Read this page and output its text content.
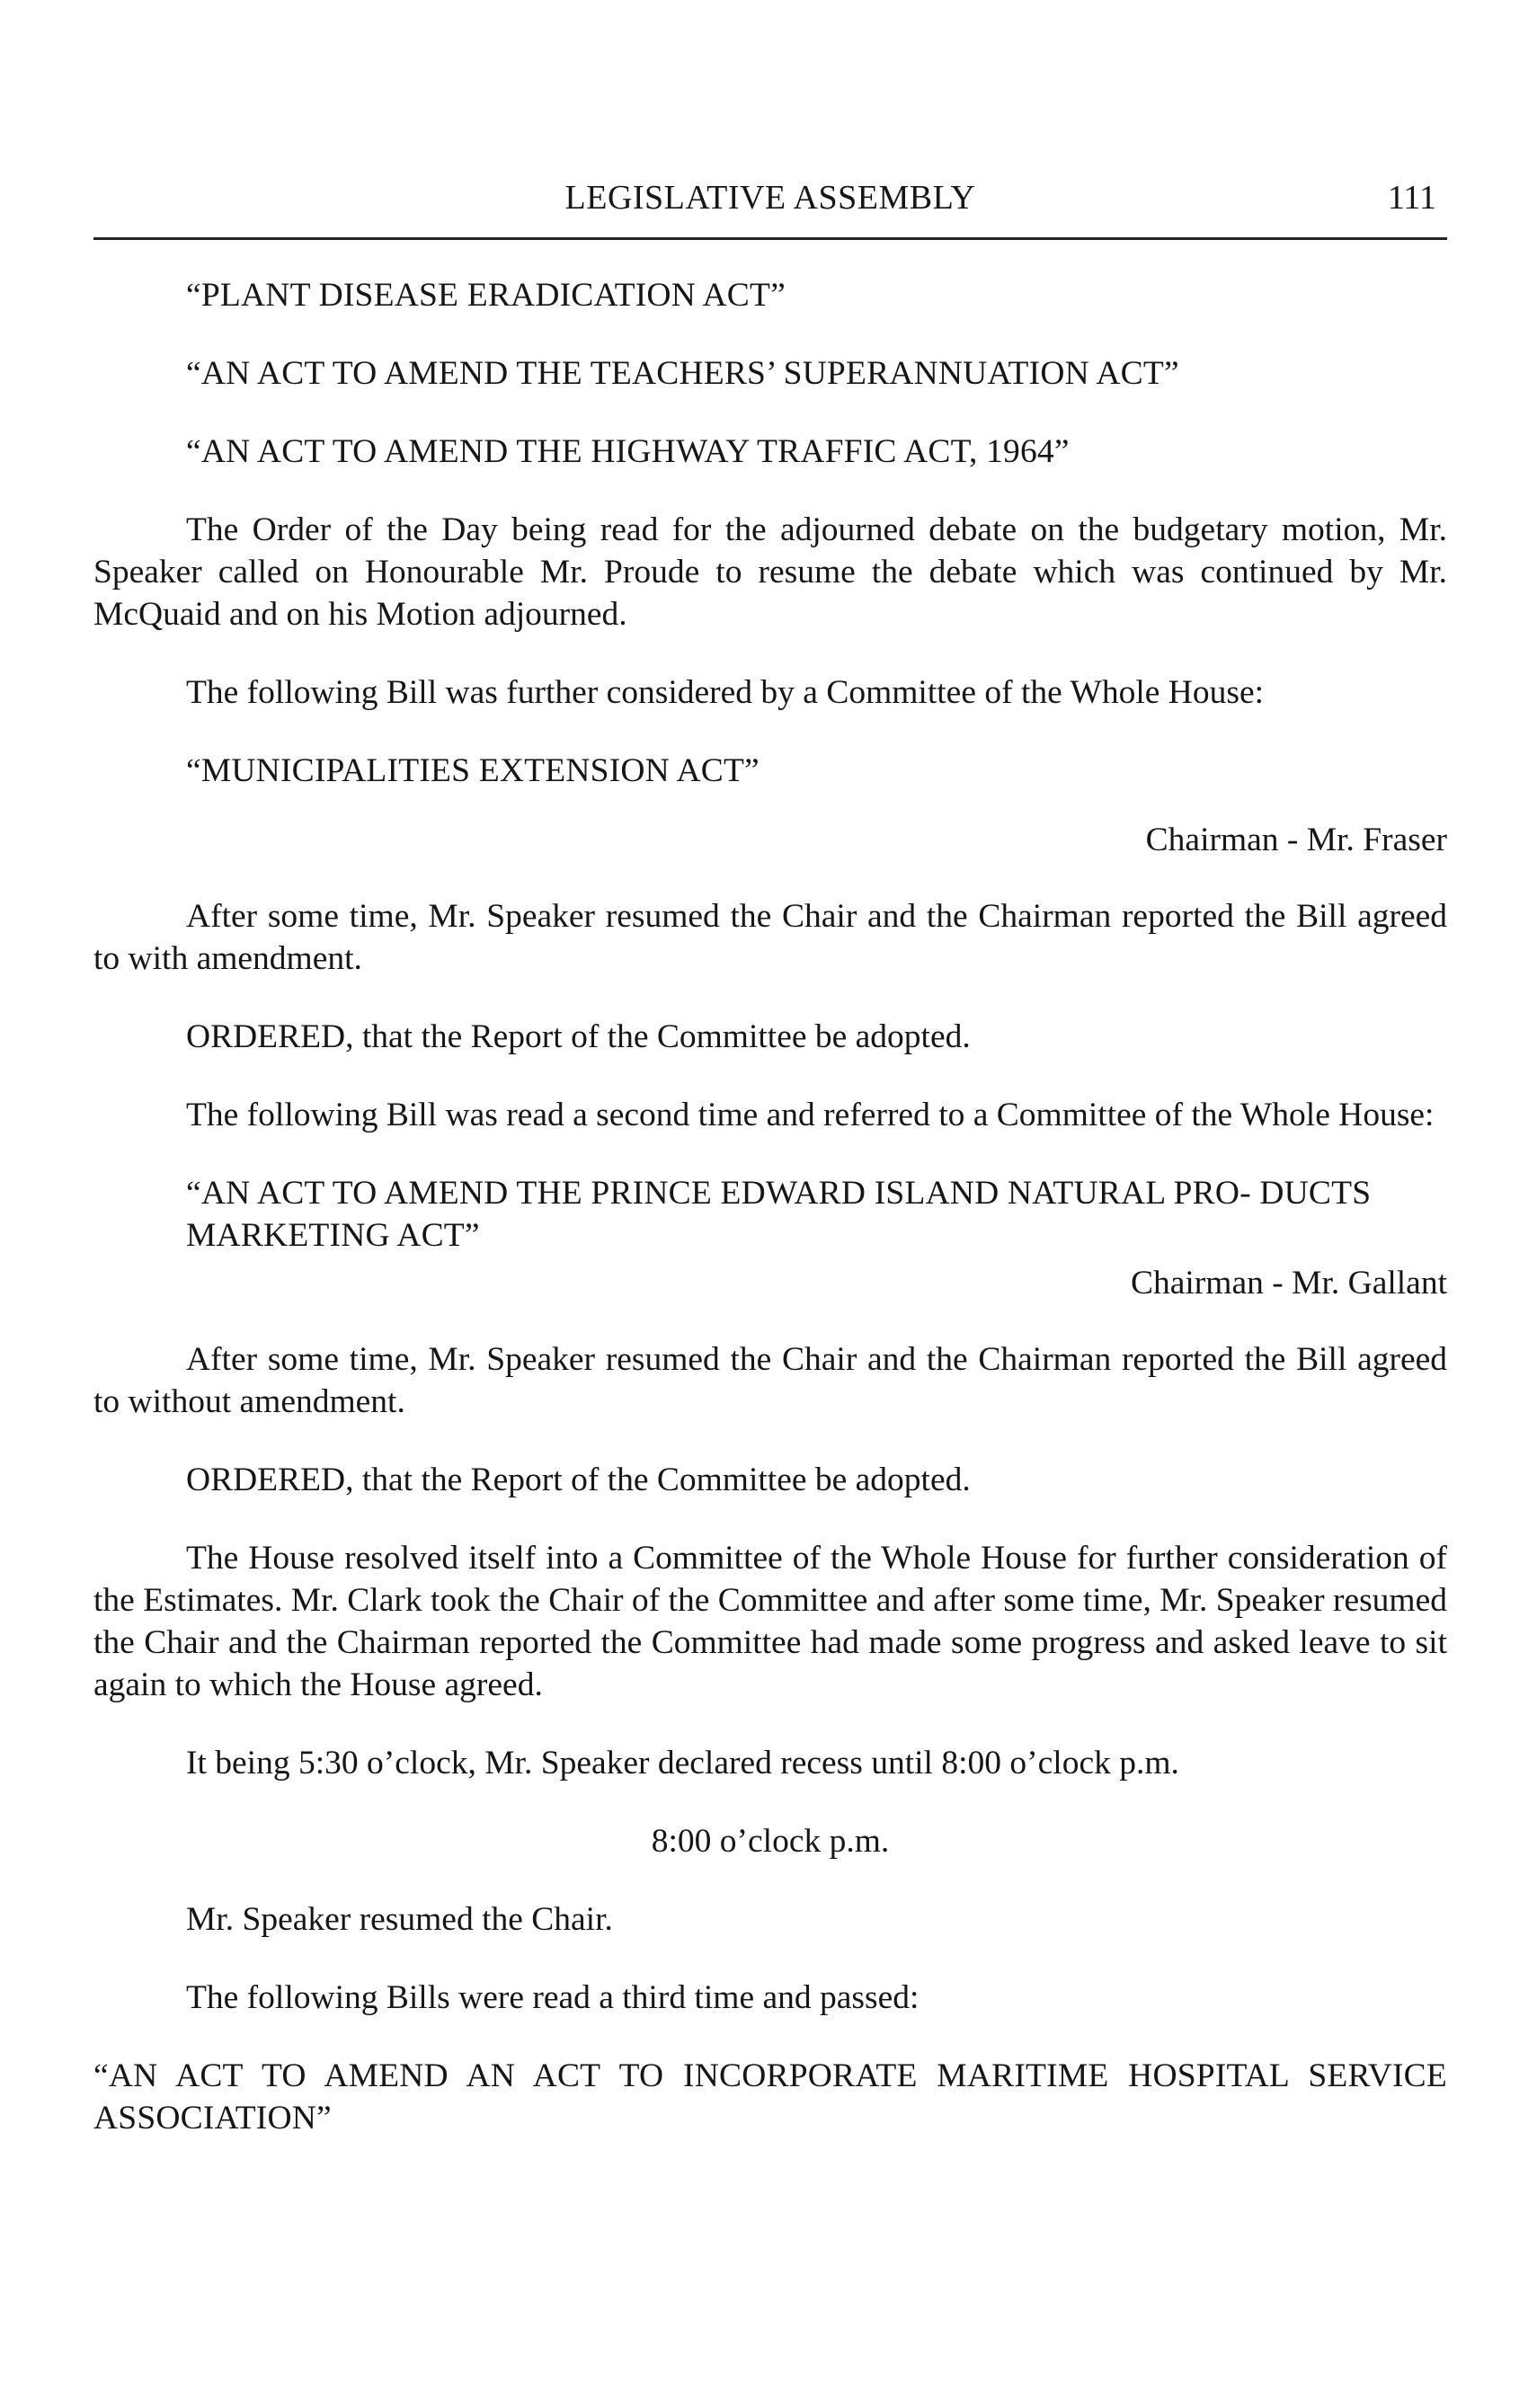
LEGISLATIVE ASSEMBLY	111

“PLANT DISEASE ERADICATION ACT”

“AN ACT TO AMEND THE TEACHERS’ SUPERANNUATION ACT”

“AN ACT TO AMEND THE HIGHWAY TRAFFIC ACT, 1964”

The Order of the Day being read for the adjourned debate on the budgetary motion, Mr. Speaker called on Honourable Mr. Proude to resume the debate which was continued by Mr. McQuaid and on his Motion adjourned.

The following Bill was further considered by a Committee of the Whole House:

“MUNICIPALITIES EXTENSION ACT”

Chairman - Mr. Fraser

After some time, Mr. Speaker resumed the Chair and the Chairman reported the Bill agreed to with amendment.

ORDERED, that the Report of the Committee be adopted.

The following Bill was read a second time and referred to a Committee of the Whole House:

“AN ACT TO AMEND THE PRINCE EDWARD ISLAND NATURAL PRO- DUCTS MARKETING ACT”

Chairman - Mr. Gallant

After some time, Mr. Speaker resumed the Chair and the Chairman reported the Bill agreed to without amendment.

ORDERED, that the Report of the Committee be adopted.

The House resolved itself into a Committee of the Whole House for further consideration of the Estimates. Mr. Clark took the Chair of the Committee and after some time, Mr. Speaker resumed the Chair and the Chairman reported the Committee had made some progress and asked leave to sit again to which the House agreed.

It being 5:30 o’clock, Mr. Speaker declared recess until 8:00 o’clock p.m.

8:00 o’clock p.m.

Mr. Speaker resumed the Chair.

The following Bills were read a third time and passed:

“AN ACT TO AMEND AN ACT TO INCORPORATE MARITIME HOSPITAL SERVICE ASSOCIATION”
